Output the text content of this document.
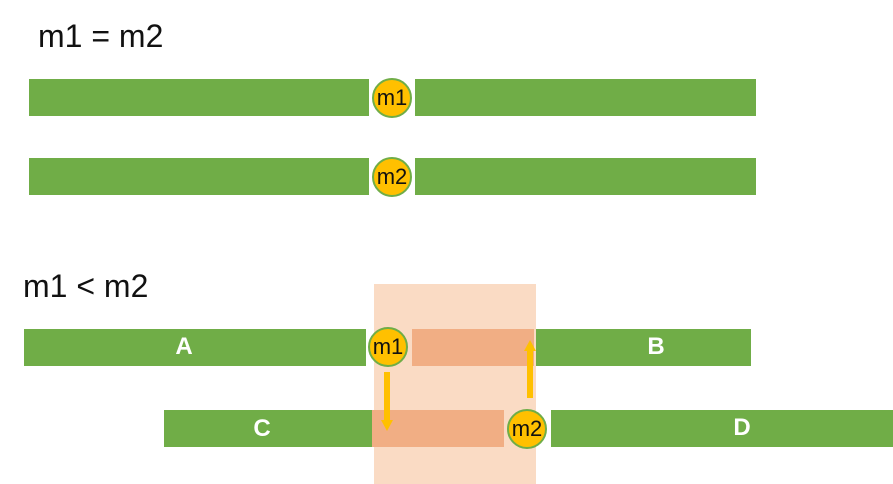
m1 = m2
m1
m2
m1 < m2
A	B
m1
C	D
m2
